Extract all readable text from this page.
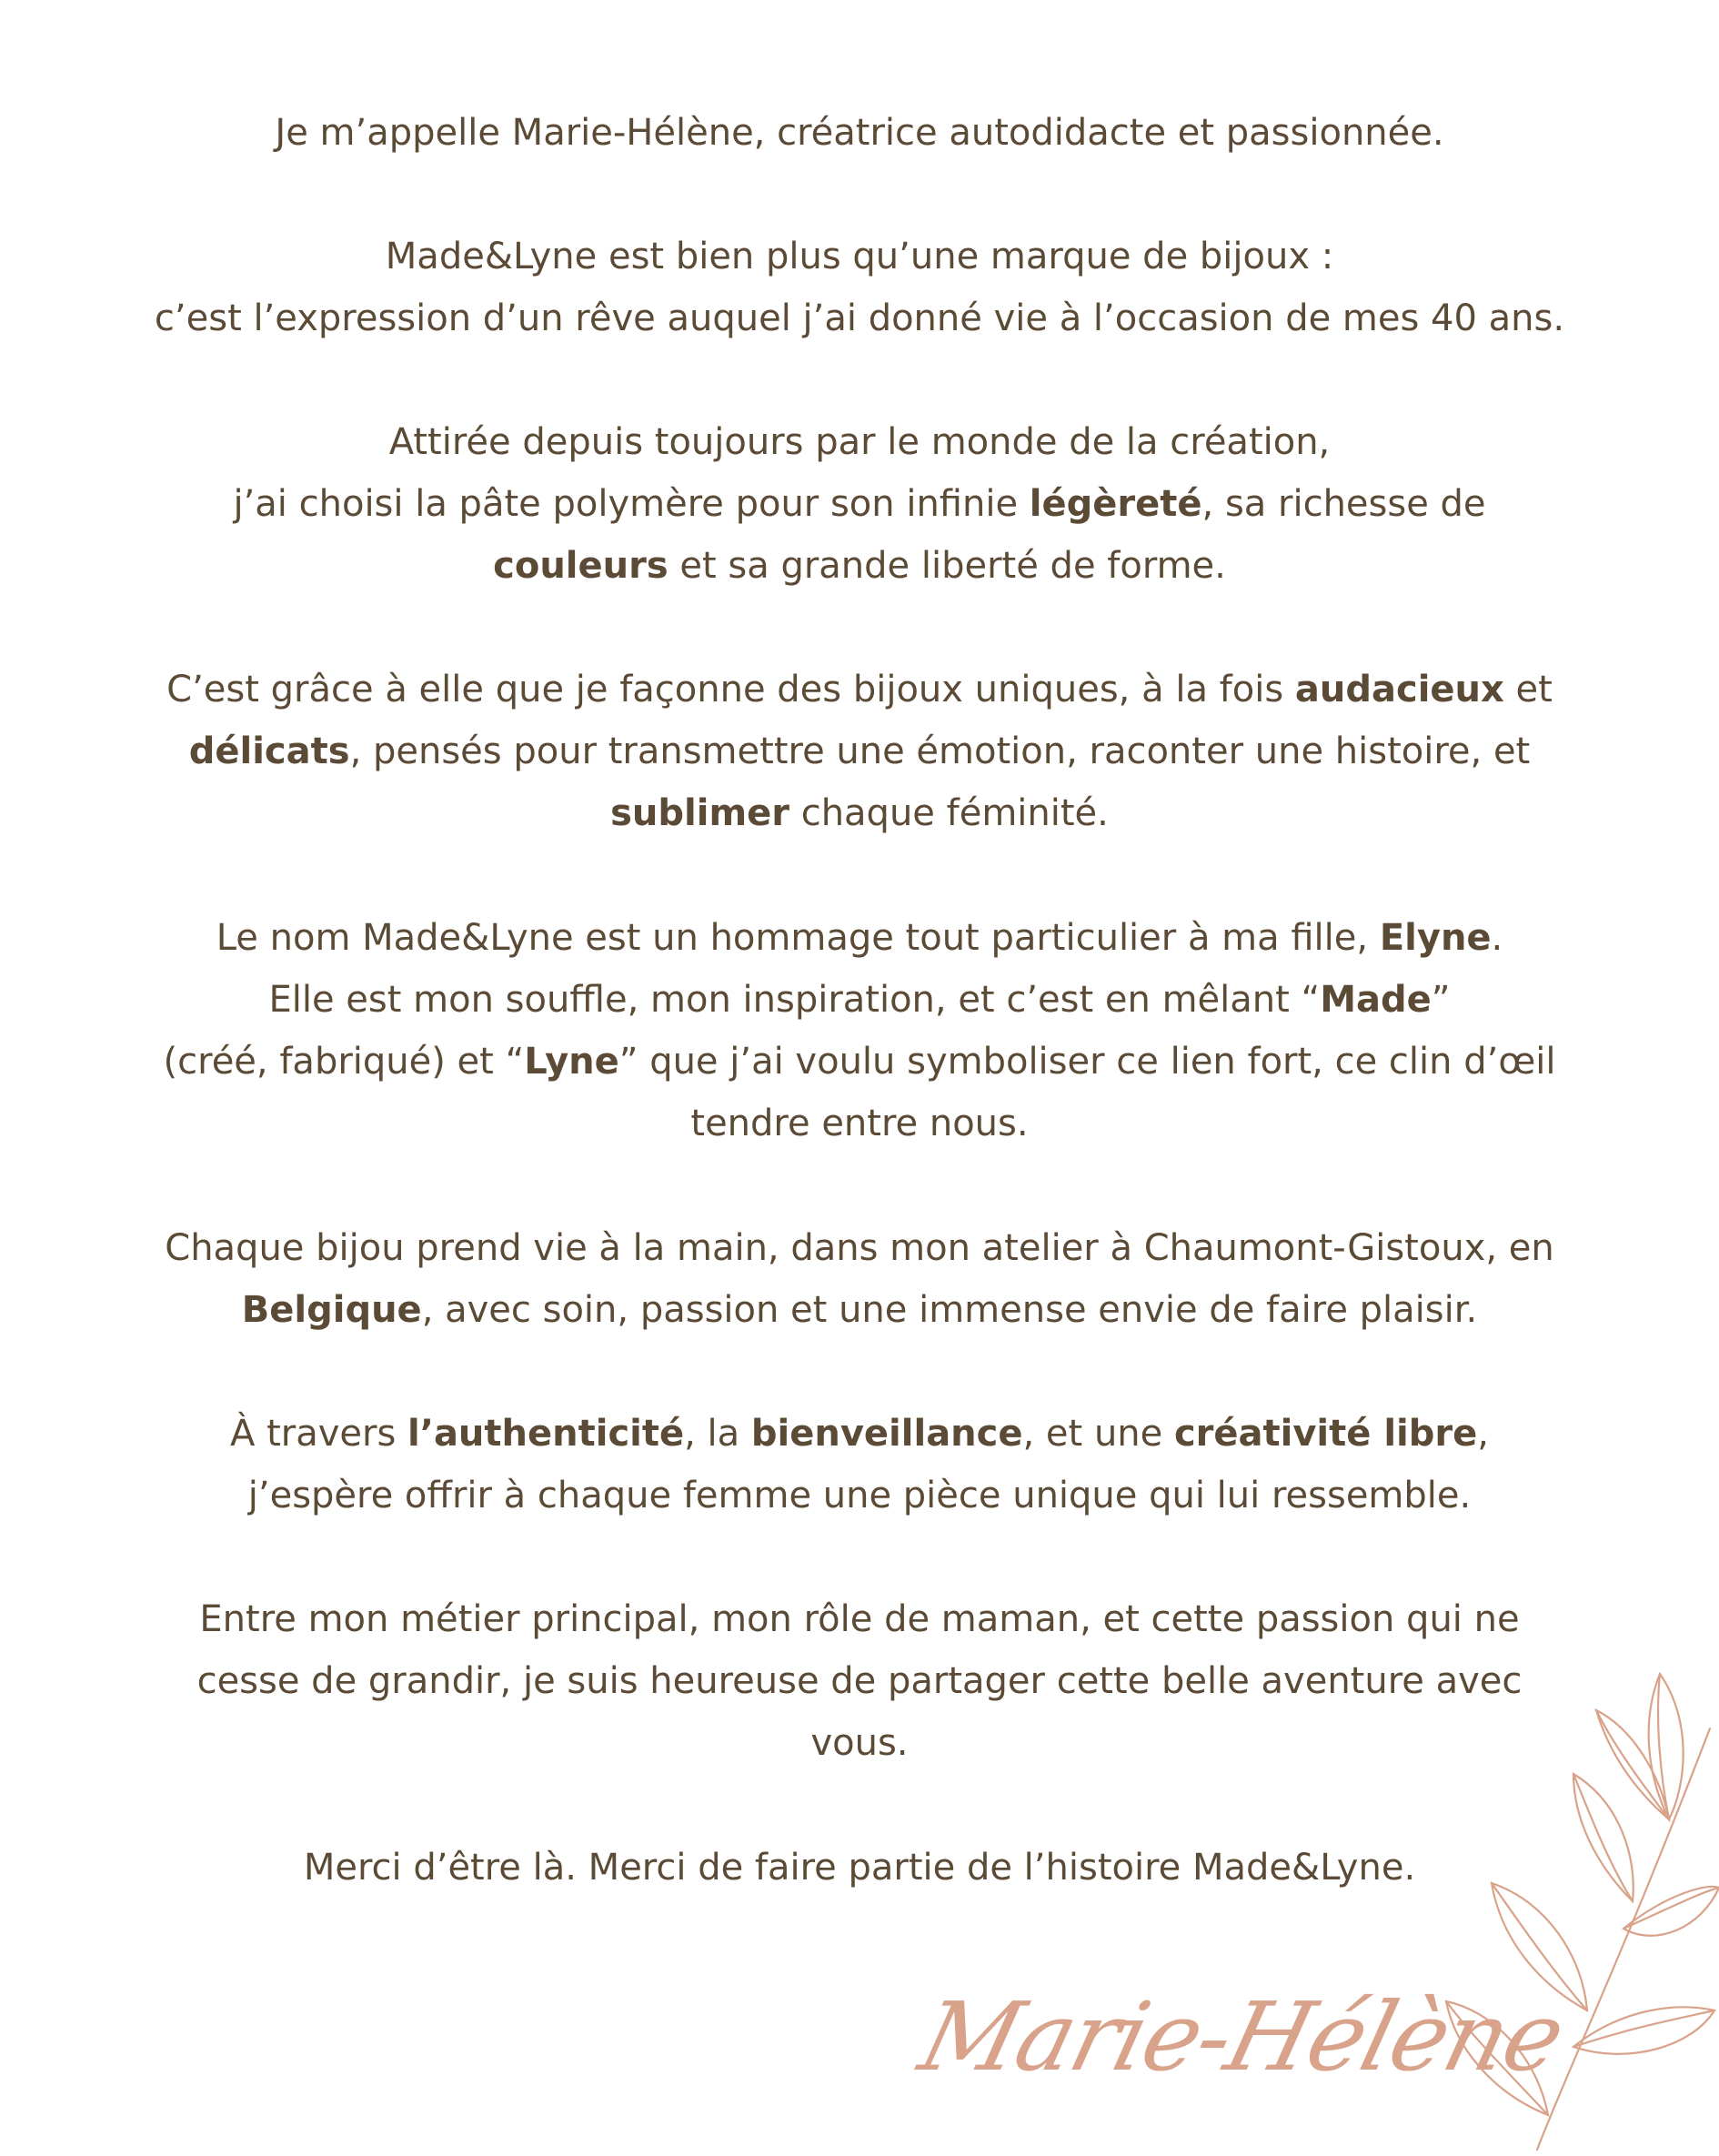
Je m’appelle Marie-Hélène, créatrice autodidacte et passionnée.

Made&Lyne est bien plus qu’une marque de bijoux :
c’est l’expression d’un rêve auquel j’ai donné vie à l’occasion de mes 40 ans.

Attirée depuis toujours par le monde de la création,
j’ai choisi la pâte polymère pour son infinie légèreté, sa richesse de
couleurs et sa grande liberté de forme.

C’est grâce à elle que je façonne des bijoux uniques, à la fois audacieux et
délicats, pensés pour transmettre une émotion, raconter une histoire, et
sublimer chaque féminité.

Le nom Made&Lyne est un hommage tout particulier à ma fille, Elyne.
Elle est mon souffle, mon inspiration, et c’est en mêlant “Made”
(créé, fabriqué) et “Lyne” que j’ai voulu symboliser ce lien fort, ce clin d’œil
tendre entre nous.

Chaque bijou prend vie à la main, dans mon atelier à Chaumont-Gistoux, en
Belgique, avec soin, passion et une immense envie de faire plaisir.

À travers l’authenticité, la bienveillance, et une créativité libre,
j’espère offrir à chaque femme une pièce unique qui lui ressemble.

Entre mon métier principal, mon rôle de maman, et cette passion qui ne
cesse de grandir, je suis heureuse de partager cette belle aventure avec
vous.

Merci d’être là. Merci de faire partie de l’histoire Made&Lyne.

Marie-Hélène
